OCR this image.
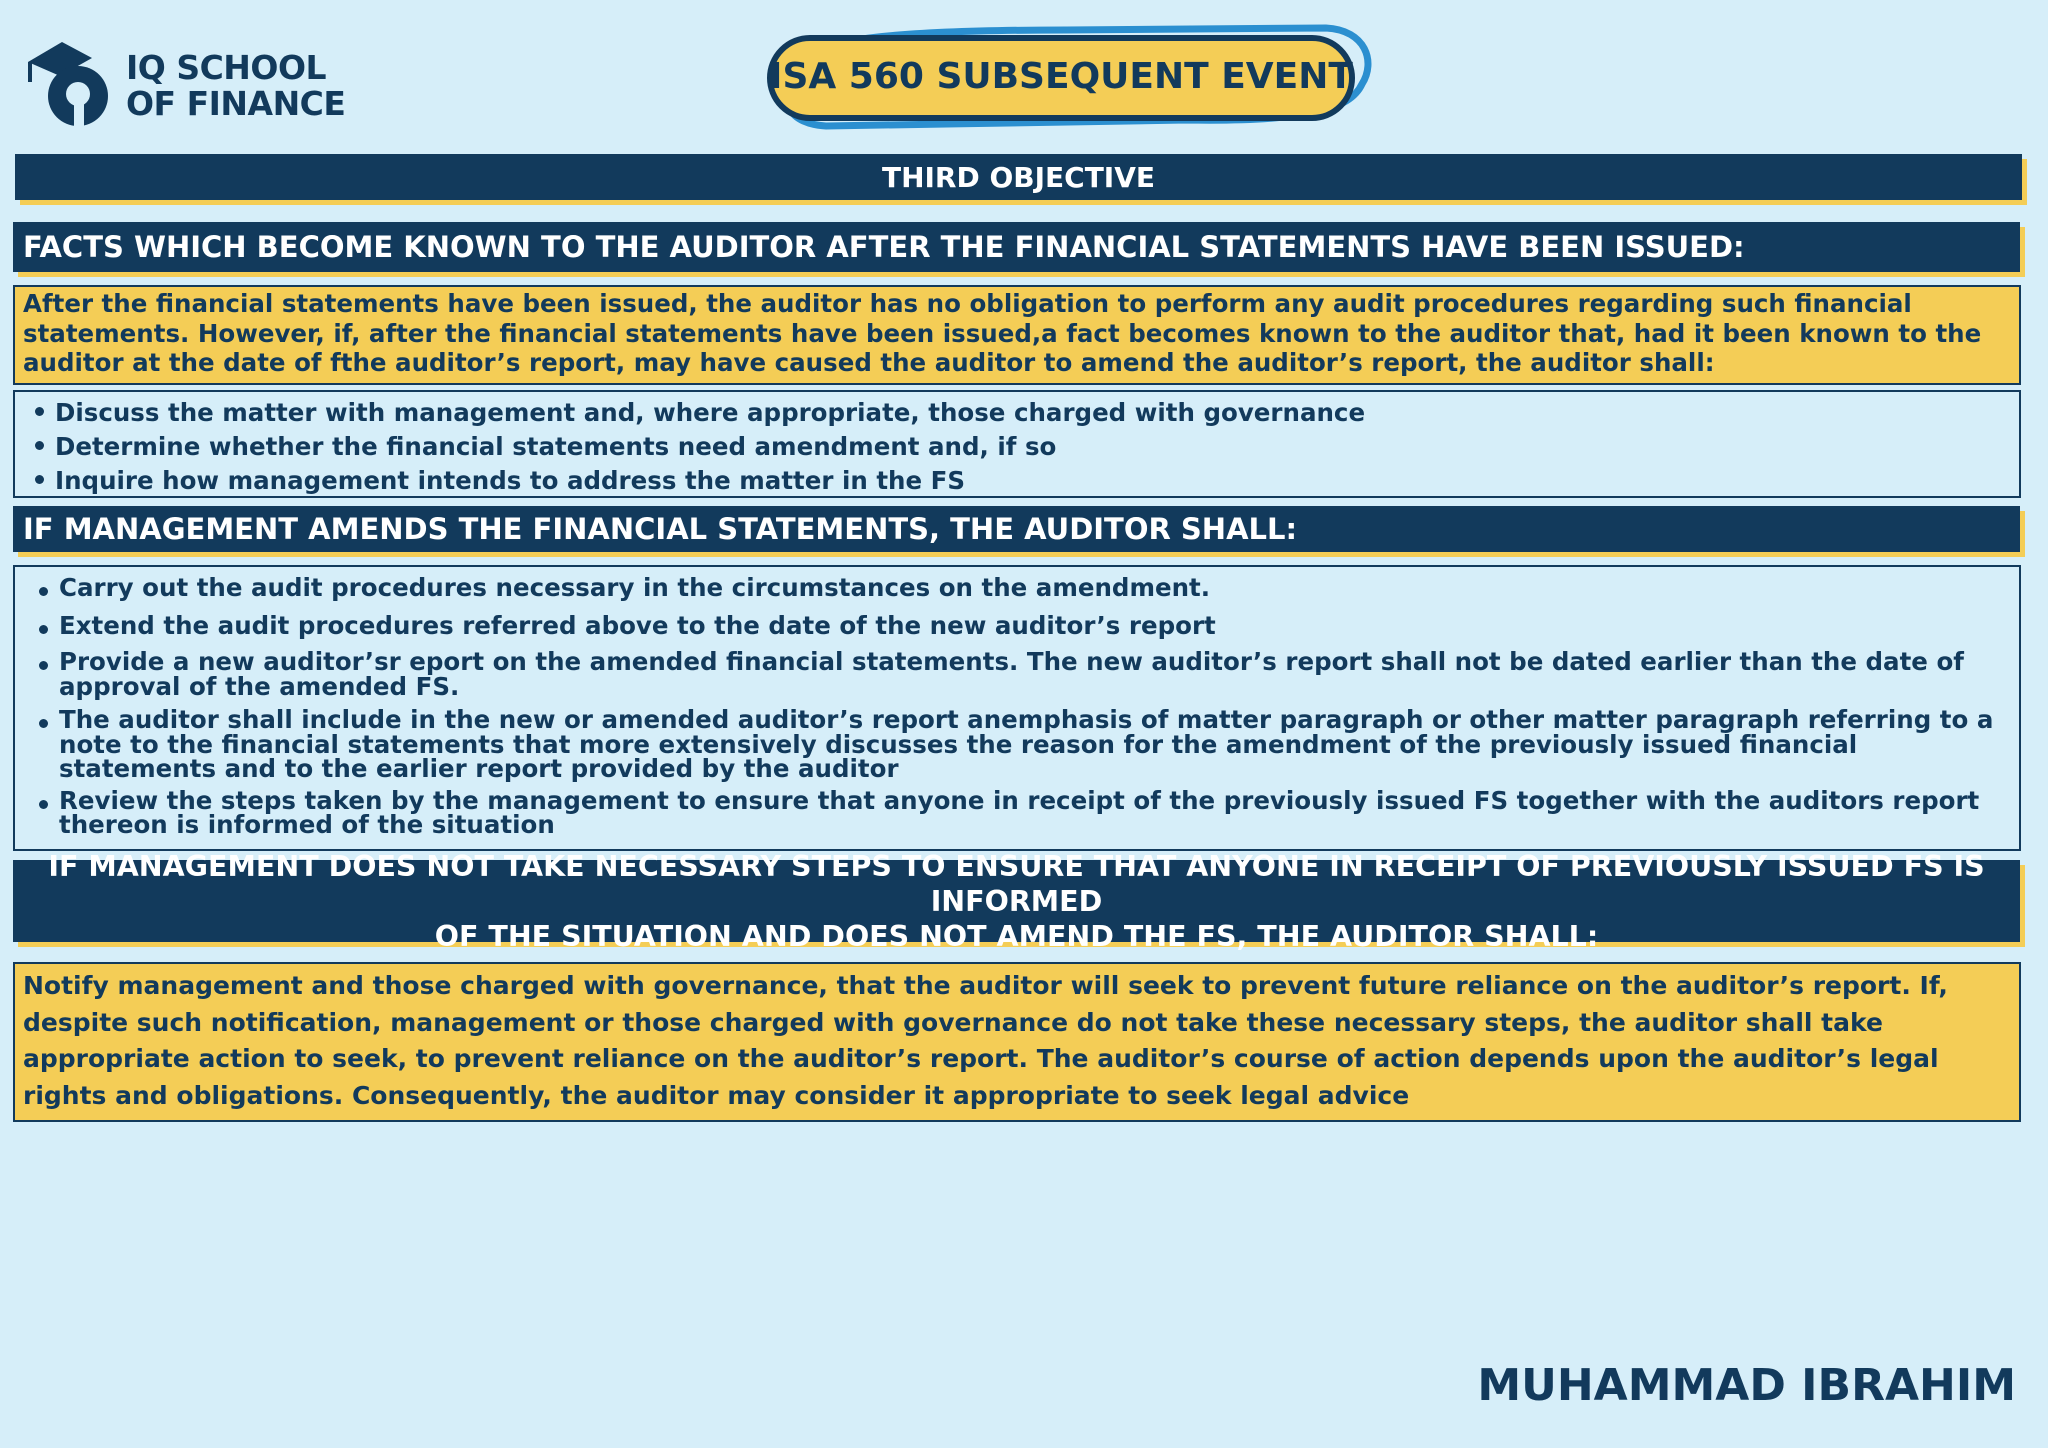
IQ SCHOOL
OF FINANCE
ISA 560 SUBSEQUENT EVENT
THIRD OBJECTIVE
FACTS WHICH BECOME KNOWN TO THE AUDITOR AFTER THE FINANCIAL STATEMENTS HAVE BEEN ISSUED:
After the financial statements have been issued, the auditor has no obligation to perform any audit procedures regarding such financial statements. However, if, after the financial statements have been issued,a fact becomes known to the auditor that, had it been known to the auditor at the date of fthe auditor’s report, may have caused the auditor to amend the auditor’s report, the auditor shall:
Discuss the matter with management and, where appropriate, those charged with governance
Determine whether the financial statements need amendment and, if so
Inquire how management intends to address the matter in the FS
IF MANAGEMENT AMENDS THE FINANCIAL STATEMENTS, THE AUDITOR SHALL:
Carry out the audit procedures necessary in the circumstances on the amendment.
Extend the audit procedures referred above to the date of the new auditor’s report
Provide a new auditor’sr eport on the amended financial statements. The new auditor’s report shall not be dated earlier than the date of approval of the amended FS.
The auditor shall include in the new or amended auditor’s report anemphasis of matter paragraph or other matter paragraph referring to a note to the financial statements that more extensively discusses the reason for the amendment of the previously issued financial statements and to the earlier report provided by the auditor
Review the steps taken by the management to ensure that anyone in receipt of the previously issued FS together with the auditors report thereon is informed of the situation
IF MANAGEMENT DOES NOT TAKE NECESSARY STEPS TO ENSURE THAT ANYONE IN RECEIPT OF PREVIOUSLY ISSUED FS IS INFORMED
OF THE SITUATION AND DOES NOT AMEND THE FS, THE AUDITOR SHALL:
Notify management and those charged with governance, that the auditor will seek to prevent future reliance on the auditor’s report. If, despite such notification, management or those charged with governance do not take these necessary steps, the auditor shall take appropriate action to seek, to prevent reliance on the auditor’s report. The auditor’s course of action depends upon the auditor’s legal rights and obligations. Consequently, the auditor may consider it appropriate to seek legal advice
MUHAMMAD IBRAHIM
